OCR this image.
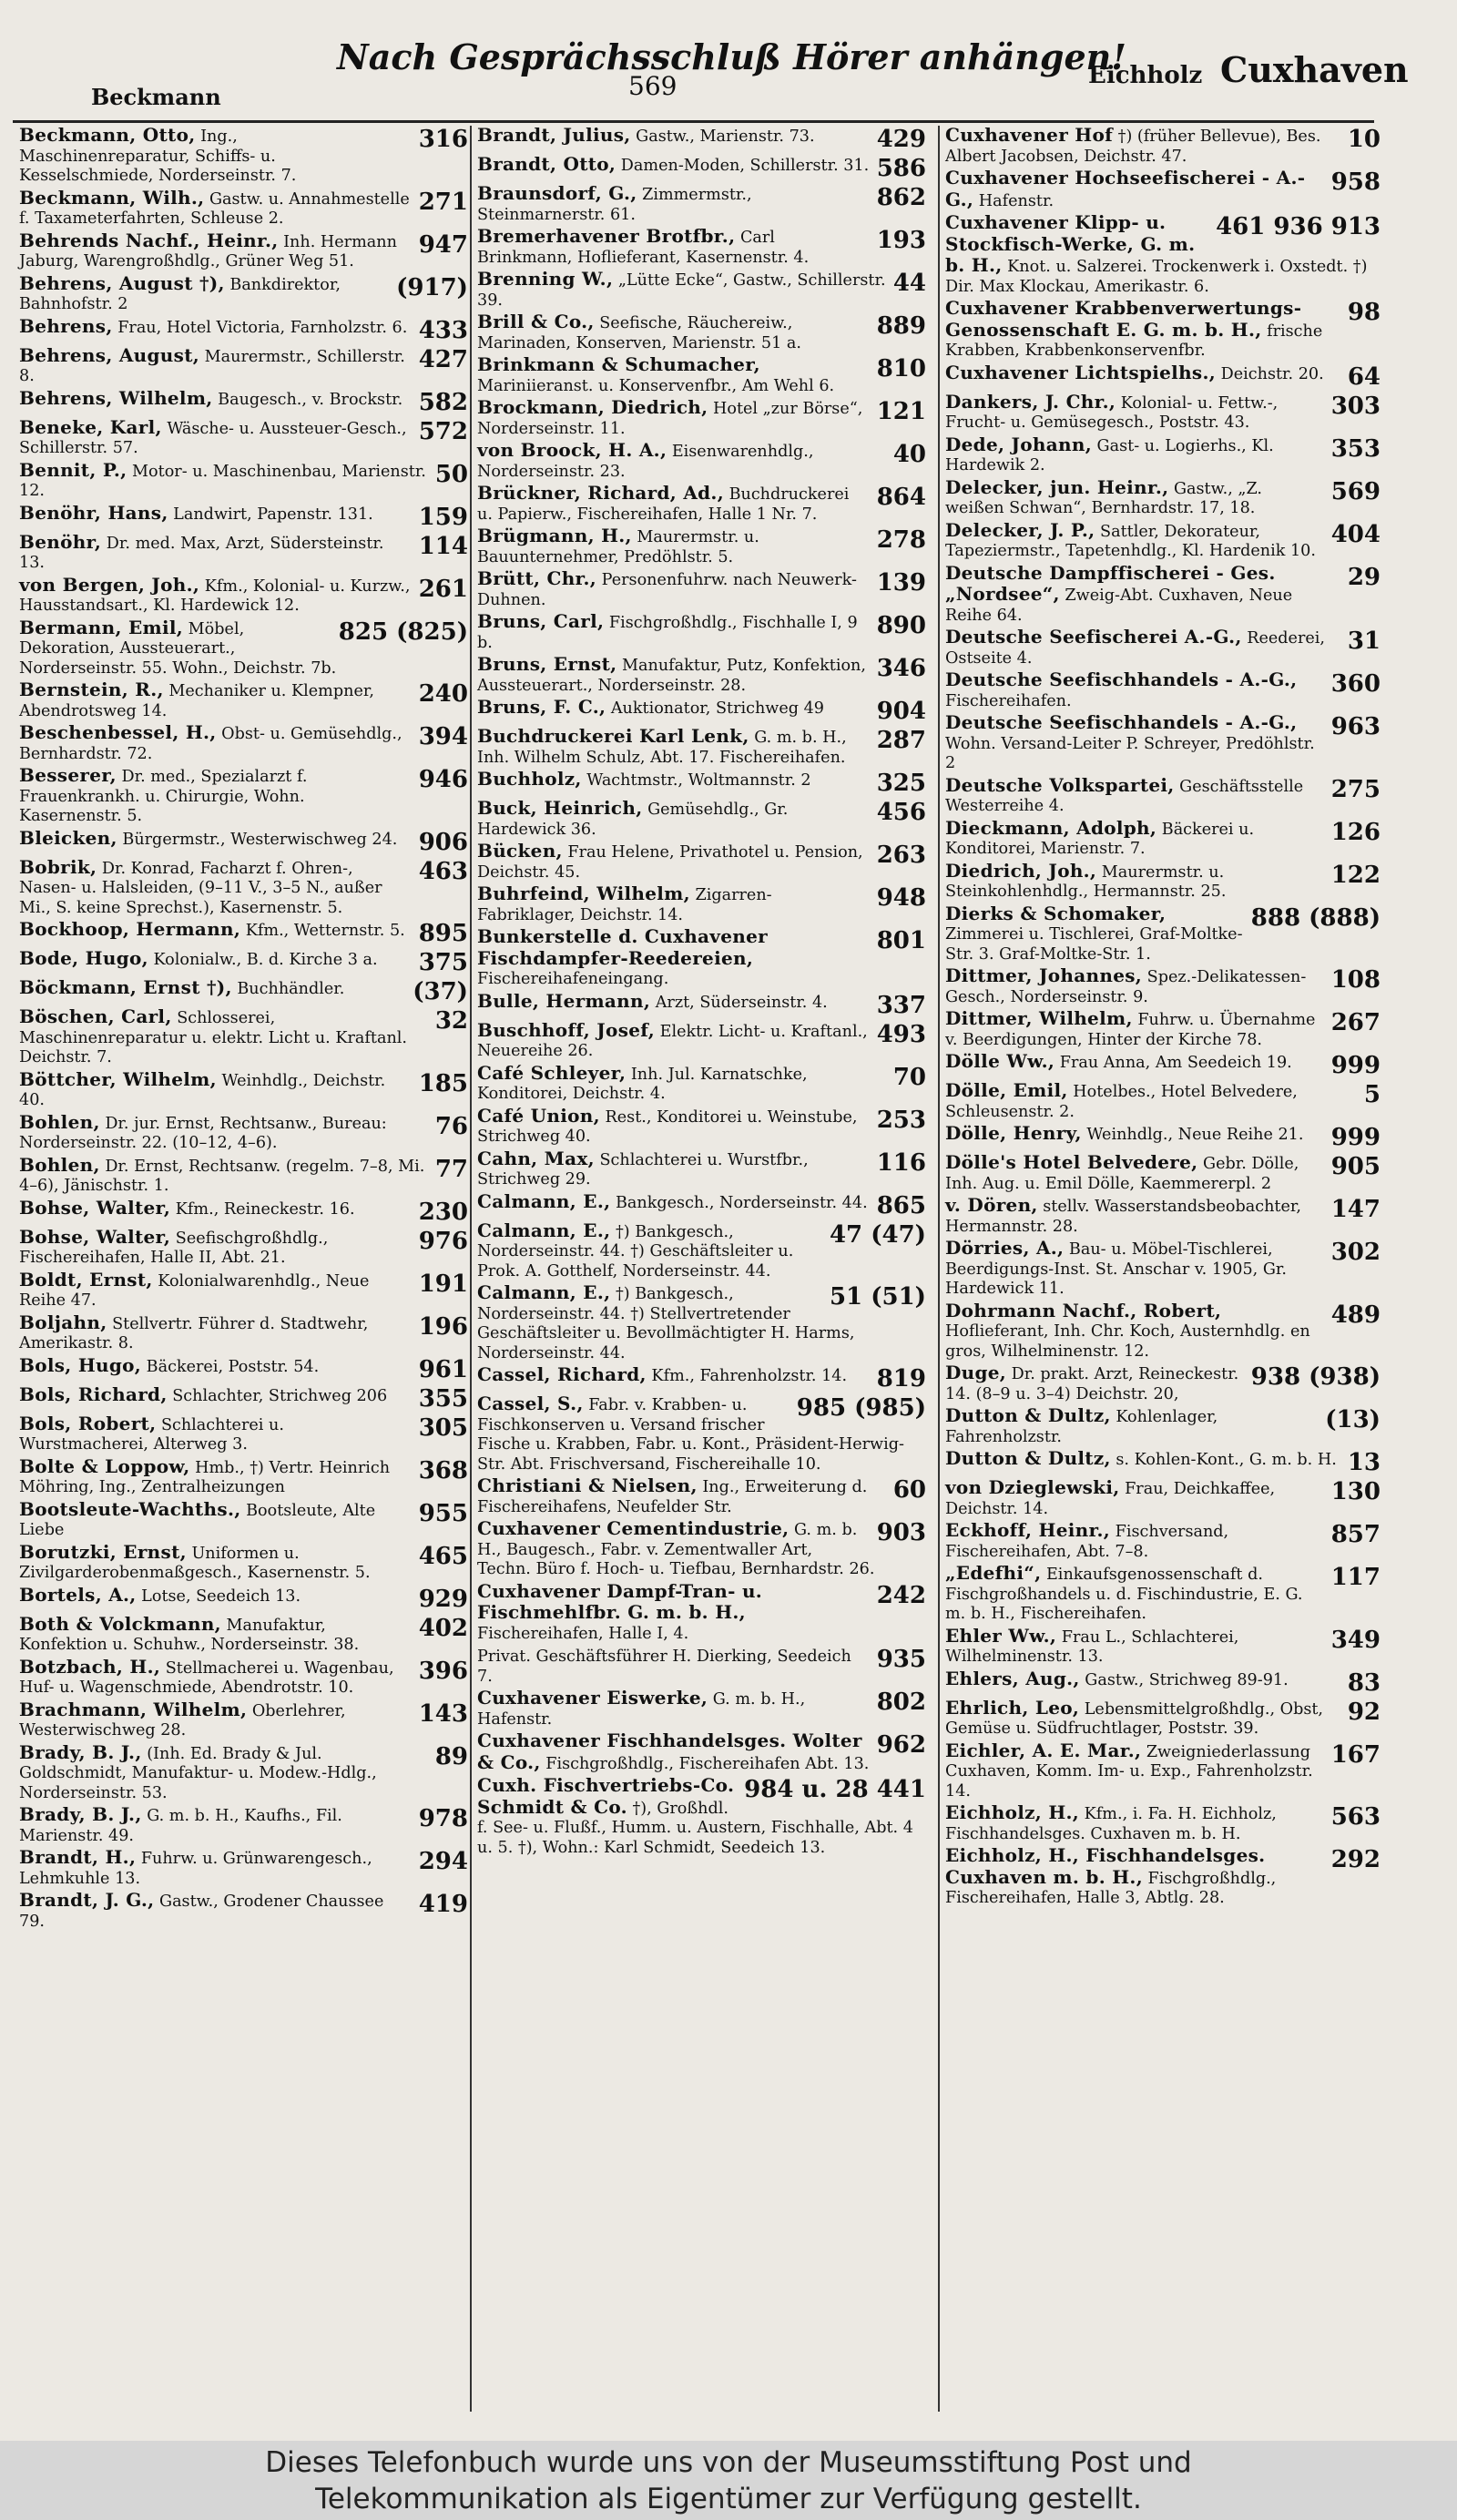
Beckmann
Nach Gesprächsschluß Hörer anhängen!
569	Eichholz Cuxhaven
316
Beckmann, Otto, Ing., Maschinenreparatur, Schiffs- u. Kesselschmiede, Norderseinstr. 7.
271
Beckmann, Wilh., Gastw. u. Annahmestelle f. Taxameterfahrten, Schleuse 2.
947
Behrends Nachf., Heinr., Inh. Hermann Jaburg, Warengroßhdlg., Grüner Weg 51.
(917)
Behrens, August †), Bankdirektor, Bahnhofstr. 2
433
Behrens, Frau, Hotel Victoria, Farnholzstr. 6.
427
Behrens, August, Maurermstr., Schillerstr. 8.
582
Behrens, Wilhelm, Baugesch., v. Brockstr.
572
Beneke, Karl, Wäsche- u. Aussteuer-Gesch., Schillerstr. 57.
50
Bennit, P., Motor- u. Maschinenbau, Marienstr. 12.
159
Benöhr, Hans, Landwirt, Papenstr. 131.
114
Benöhr, Dr. med. Max, Arzt, Südersteinstr. 13.
261
von Bergen, Joh., Kfm., Kolonial- u. Kurzw., Hausstandsart., Kl. Hardewick 12.
825 (825)
Bermann, Emil, Möbel, Dekoration, Aussteuerart., Norderseinstr. 55. Wohn., Deichstr. 7b.
240
Bernstein, R., Mechaniker u. Klempner, Abendrotsweg 14.
394
Beschenbessel, H., Obst- u. Gemüsehdlg., Bernhardstr. 72.
946
Besserer, Dr. med., Spezialarzt f. Frauenkrankh. u. Chirurgie, Wohn. Kasernenstr. 5.
906
Bleicken, Bürgermstr., Westerwischweg 24.
463
Bobrik, Dr. Konrad, Facharzt f. Ohren-, Nasen- u. Halsleiden, (9–11 V., 3–5 N., außer Mi., S. keine Sprechst.), Kasernenstr. 5.
895
Bockhoop, Hermann, Kfm., Wetternstr. 5.
375
Bode, Hugo, Kolonialw., B. d. Kirche 3 a.
(37)
Böckmann, Ernst †), Buchhändler.
32
Böschen, Carl, Schlosserei, Maschinenreparatur u. elektr. Licht u. Kraftanl. Deichstr. 7.
185
Böttcher, Wilhelm, Weinhdlg., Deichstr. 40.
76
Bohlen, Dr. jur. Ernst, Rechtsanw., Bureau: Norderseinstr. 22. (10–12, 4–6).
77
Bohlen, Dr. Ernst, Rechtsanw. (regelm. 7–8, Mi. 4–6), Jänischstr. 1.
230
Bohse, Walter, Kfm., Reineckestr. 16.
976
Bohse, Walter, Seefischgroßhdlg., Fischereihafen, Halle II, Abt. 21.
191
Boldt, Ernst, Kolonialwarenhdlg., Neue Reihe 47.
196
Boljahn, Stellvertr. Führer d. Stadtwehr, Amerikastr. 8.
961
Bols, Hugo, Bäckerei, Poststr. 54.
355
Bols, Richard, Schlachter, Strichweg 206
305
Bols, Robert, Schlachterei u. Wurstmacherei, Alterweg 3.
368
Bolte & Loppow, Hmb., †) Vertr. Heinrich Möhring, Ing., Zentralheizungen
955
Bootsleute-Wachths., Bootsleute, Alte Liebe
465
Borutzki, Ernst, Uniformen u. Zivilgarderobenmaßgesch., Kasernenstr. 5.
929
Bortels, A., Lotse, Seedeich 13.
402
Both & Volckmann, Manufaktur, Konfektion u. Schuhw., Norderseinstr. 38.
396
Botzbach, H., Stellmacherei u. Wagenbau, Huf- u. Wagenschmiede, Abendrotstr. 10.
143
Brachmann, Wilhelm, Oberlehrer, Westerwischweg 28.
89
Brady, B. J., (Inh. Ed. Brady & Jul. Goldschmidt, Manufaktur- u. Modew.-Hdlg., Norderseinstr. 53.
978
Brady, B. J., G. m. b. H., Kaufhs., Fil. Marienstr. 49.
294
Brandt, H., Fuhrw. u. Grünwarengesch., Lehmkuhle 13.
419
Brandt, J. G., Gastw., Grodener Chaussee 79.
429
Brandt, Julius, Gastw., Marienstr. 73.
586
Brandt, Otto, Damen-Moden, Schillerstr. 31.
862
Braunsdorf, G., Zimmermstr., Steinmarnerstr. 61.
193
Bremerhavener Brotfbr., Carl Brinkmann, Hoflieferant, Kasernenstr. 4.
44
Brenning W., „Lütte Ecke“, Gastw., Schillerstr. 39.
889
Brill & Co., Seefische, Räuchereiw., Marinaden, Konserven, Marienstr. 51 a.
810
Brinkmann & Schumacher, Mariniieranst. u. Konservenfbr., Am Wehl 6.
121
Brockmann, Diedrich, Hotel „zur Börse“, Norderseinstr. 11.
40
von Broock, H. A., Eisenwarenhdlg., Norderseinstr. 23.
864
Brückner, Richard, Ad., Buchdruckerei u. Papierw., Fischereihafen, Halle 1 Nr. 7.
278
Brügmann, H., Maurermstr. u. Bauunternehmer, Predöhlstr. 5.
139
Brütt, Chr., Personenfuhrw. nach Neuwerk-Duhnen.
890
Bruns, Carl, Fischgroßhdlg., Fischhalle I, 9 b.
346
Bruns, Ernst, Manufaktur, Putz, Konfektion, Aussteuerart., Norderseinstr. 28.
904
Bruns, F. C., Auktionator, Strichweg 49
287
Buchdruckerei Karl Lenk, G. m. b. H., Inh. Wilhelm Schulz, Abt. 17. Fischereihafen.
325
Buchholz, Wachtmstr., Woltmannstr. 2
456
Buck, Heinrich, Gemüsehdlg., Gr. Hardewick 36.
263
Bücken, Frau Helene, Privathotel u. Pension, Deichstr. 45.
948
Buhrfeind, Wilhelm, Zigarren-Fabriklager, Deichstr. 14.
801
Bunkerstelle d. Cuxhavener Fischdampfer-Reedereien, Fischereihafeneingang.
337
Bulle, Hermann, Arzt, Süderseinstr. 4.
493
Buschhoff, Josef, Elektr. Licht- u. Kraftanl., Neuereihe 26.
70
Café Schleyer, Inh. Jul. Karnatschke, Konditorei, Deichstr. 4.
253
Café Union, Rest., Konditorei u. Weinstube, Strichweg 40.
116
Cahn, Max, Schlachterei u. Wurstfbr., Strichweg 29.
865
Calmann, E., Bankgesch., Norderseinstr. 44.
47 (47)
Calmann, E., †) Bankgesch., Norderseinstr. 44. †) Geschäftsleiter u. Prok. A. Gotthelf, Norderseinstr. 44.
51 (51)
Calmann, E., †) Bankgesch., Norderseinstr. 44. †) Stellvertretender Geschäftsleiter u. Bevollmächtigter H. Harms, Norderseinstr. 44.
819
Cassel, Richard, Kfm., Fahrenholzstr. 14.
985 (985)
Cassel, S., Fabr. v. Krabben- u. Fischkonserven u. Versand frischer Fische u. Krabben, Fabr. u. Kont., Präsident-Herwig-Str. Abt. Frischversand, Fischereihalle 10.
60
Christiani & Nielsen, Ing., Erweiterung d. Fischereihafens, Neufelder Str.
903
Cuxhavener Cementindustrie, G. m. b. H., Baugesch., Fabr. v. Zementwaller Art, Techn. Büro f. Hoch- u. Tiefbau, Bernhardstr. 26.
242
Cuxhavener Dampf-Tran- u. Fischmehlfbr. G. m. b. H., Fischereihafen, Halle I, 4.
935
Privat. Geschäftsführer H. Dierking, Seedeich 7.
802
Cuxhavener Eiswerke, G. m. b. H., Hafenstr.
962
Cuxhavener Fischhandelsges. Wolter & Co., Fischgroßhdlg., Fischereihafen Abt. 13.
984 u. 28 441
Cuxh. Fischvertriebs-Co. Schmidt & Co. †), Großhdl. f. See- u. Flußf., Humm. u. Austern, Fischhalle, Abt. 4 u. 5. †), Wohn.: Karl Schmidt, Seedeich 13.
10
Cuxhavener Hof †) (früher Bellevue), Bes. Albert Jacobsen, Deichstr. 47.
958
Cuxhavener Hochseefischerei - A.-G., Hafenstr.
461 936 913
Cuxhavener Klipp- u. Stockfisch-Werke, G. m. b. H., Knot. u. Salzerei. Trockenwerk i. Oxstedt. †) Dir. Max Klockau, Amerikastr. 6.
98
Cuxhavener Krabbenverwertungs-Genossenschaft E. G. m. b. H., frische Krabben, Krabbenkonservenfbr.
64
Cuxhavener Lichtspielhs., Deichstr. 20.
303
Dankers, J. Chr., Kolonial- u. Fettw.-, Frucht- u. Gemüsegesch., Poststr. 43.
353
Dede, Johann, Gast- u. Logierhs., Kl. Hardewik 2.
569
Delecker, jun. Heinr., Gastw., „Z. weißen Schwan“, Bernhardstr. 17, 18.
404
Delecker, J. P., Sattler, Dekorateur, Tapeziermstr., Tapetenhdlg., Kl. Hardenik 10.
29
Deutsche Dampffischerei - Ges. „Nordsee“, Zweig-Abt. Cuxhaven, Neue Reihe 64.
31
Deutsche Seefischerei A.-G., Reederei, Ostseite 4.
360
Deutsche Seefischhandels - A.-G., Fischereihafen.
963
Deutsche Seefischhandels - A.-G., Wohn. Versand-Leiter P. Schreyer, Predöhlstr. 2
275
Deutsche Volkspartei, Geschäftsstelle Westerreihe 4.
126
Dieckmann, Adolph, Bäckerei u. Konditorei, Marienstr. 7.
122
Diedrich, Joh., Maurermstr. u. Steinkohlenhdlg., Hermannstr. 25.
888 (888)
Dierks & Schomaker, Zimmerei u. Tischlerei, Graf-Moltke-Str. 3. Graf-Moltke-Str. 1.
108
Dittmer, Johannes, Spez.-Delikatessen-Gesch., Norderseinstr. 9.
267
Dittmer, Wilhelm, Fuhrw. u. Übernahme v. Beerdigungen, Hinter der Kirche 78.
999
Dölle Ww., Frau Anna, Am Seedeich 19.
5
Dölle, Emil, Hotelbes., Hotel Belvedere, Schleusenstr. 2.
999
Dölle, Henry, Weinhdlg., Neue Reihe 21.
905
Dölle's Hotel Belvedere, Gebr. Dölle, Inh. Aug. u. Emil Dölle, Kaemmererpl. 2
147
v. Dören, stellv. Wasserstandsbeobachter, Hermannstr. 28.
302
Dörries, A., Bau- u. Möbel-Tischlerei, Beerdigungs-Inst. St. Anschar v. 1905, Gr. Hardewick 11.
489
Dohrmann Nachf., Robert, Hoflieferant, Inh. Chr. Koch, Austernhdlg. en gros, Wilhelminenstr. 12.
938 (938)
Duge, Dr. prakt. Arzt, Reineckestr. 14. (8–9 u. 3–4) Deichstr. 20,
(13)
Dutton & Dultz, Kohlenlager, Fahrenholzstr.
13
Dutton & Dultz, s. Kohlen-Kont., G. m. b. H.
130
von Dzieglewski, Frau, Deichkaffee, Deichstr. 14.
857
Eckhoff, Heinr., Fischversand, Fischereihafen, Abt. 7–8.
117
„Edefhi“, Einkaufsgenossenschaft d. Fischgroßhandels u. d. Fischindustrie, E. G. m. b. H., Fischereihafen.
349
Ehler Ww., Frau L., Schlachterei, Wilhelminenstr. 13.
83
Ehlers, Aug., Gastw., Strichweg 89-91.
92
Ehrlich, Leo, Lebensmittelgroßhdlg., Obst, Gemüse u. Südfruchtlager, Poststr. 39.
167
Eichler, A. E. Mar., Zweigniederlassung Cuxhaven, Komm. Im- u. Exp., Fahrenholzstr. 14.
563
Eichholz, H., Kfm., i. Fa. H. Eichholz, Fischhandelsges. Cuxhaven m. b. H.
292
Eichholz, H., Fischhandelsges. Cuxhaven m. b. H., Fischgroßhdlg., Fischereihafen, Halle 3, Abtlg. 28.
Dieses Telefonbuch wurde uns von der Museumsstiftung Post und
Telekommunikation als Eigentümer zur Verfügung gestellt.
